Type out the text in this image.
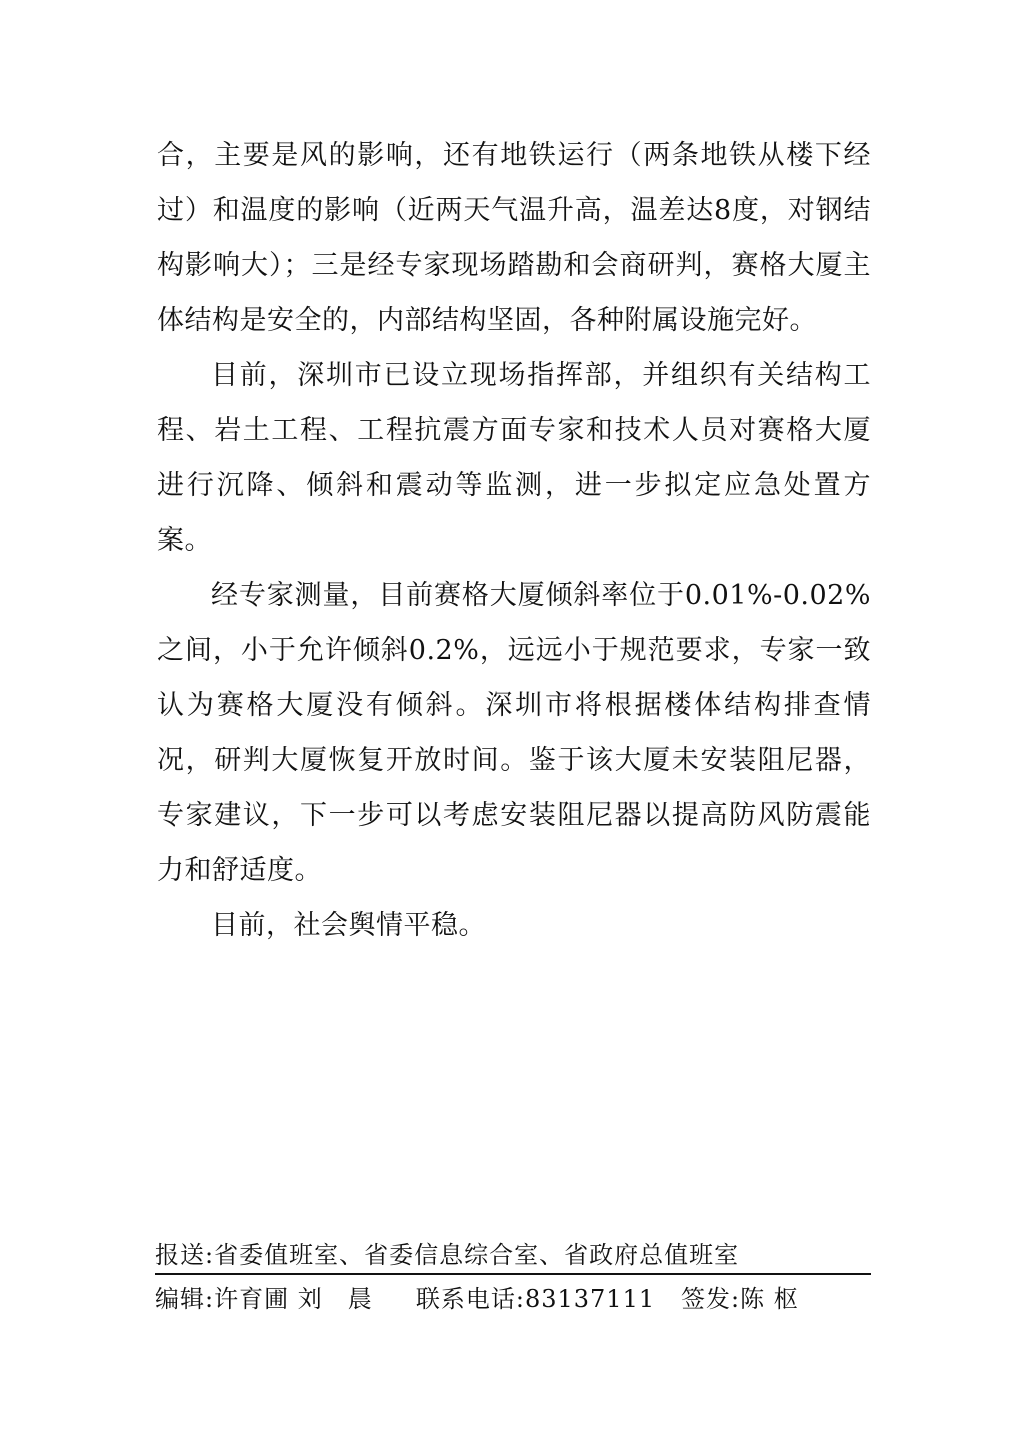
合，主要是风的影响，还有地铁运行（两条地铁从楼下经过）和温度的影响（近两天气温升高，温差达8度，对钢结构影响大）；三是经专家现场踏勘和会商研判，赛格大厦主体结构是安全的，内部结构坚固，各种附属设施完好。

目前，深圳市已设立现场指挥部，并组织有关结构工程、岩土工程、工程抗震方面专家和技术人员对赛格大厦进行沉降、倾斜和震动等监测，进一步拟定应急处置方案。

经专家测量，目前赛格大厦倾斜率位于0.01%-0.02%之间，小于允许倾斜0.2%，远远小于规范要求，专家一致认为赛格大厦没有倾斜。深圳市将根据楼体结构排查情况，研判大厦恢复开放时间。鉴于该大厦未安装阻尼器，专家建议，下一步可以考虑安装阻尼器以提高防风防震能力和舒适度。

目前，社会舆情平稳。

报送:省委值班室、省委信息综合室、省政府总值班室
编辑:许育圃 刘　晨 联系电话:83137111 签发:陈 枢
